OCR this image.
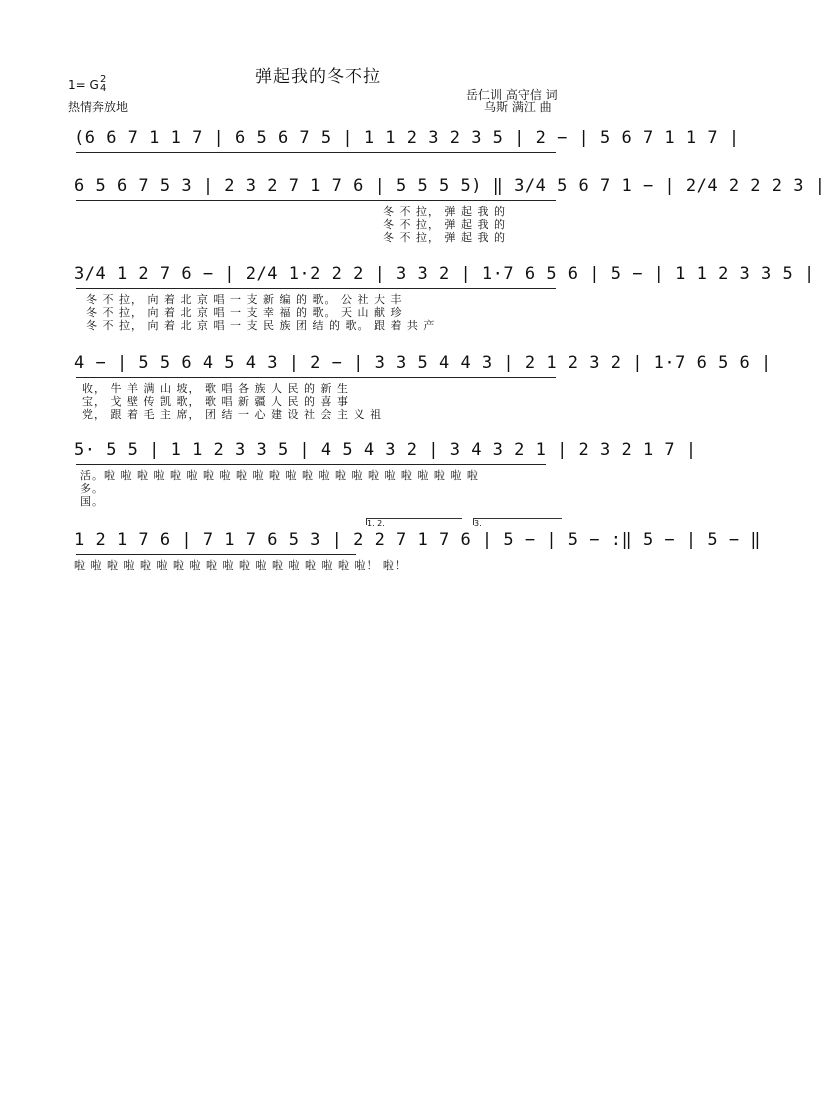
弹起我的冬不拉
1= G 2
4
热情奔放地
岳仁训 高守信 词
乌斯 满江 曲
(6 6 7 1 1 7 | 6 5 6 7 5 | 1 1 2 3 2 3 5 | 2 − | 5 6 7 1 1 7 |
6 5 6 7 5 3 | 2 3 2 7 1 7 6 | 5 5 5 5) ‖ 3/4 5 6 7 1 − | 2/4 2 2 2 3 |
冬 不 拉， 弹 起 我 的
冬 不 拉， 弹 起 我 的
冬 不 拉， 弹 起 我 的
3/4 1 2 7 6 − | 2/4 1·2 2 2 | 3 3 2 | 1·7 6 5 6 | 5 − | 1 1 2 3 3 5 |
冬 不 拉， 向 着 北 京 唱 一 支 新 编 的 歌。 公 社 大 丰
冬 不 拉， 向 着 北 京 唱 一 支 幸 福 的 歌。 天 山 献 珍
冬 不 拉， 向 着 北 京 唱 一 支 民 族 团 结 的 歌。 跟 着 共 产
4 − | 5 5 6 4 5 4 3 | 2 − | 3 3 5 4 4 3 | 2 1 2 3 2 | 1·7 6 5 6 |
收， 牛 羊 满 山 坡， 歌 唱 各 族 人 民 的 新 生
宝， 戈 壁 传 凯 歌， 歌 唱 新 疆 人 民 的 喜 事
党， 跟 着 毛 主 席， 团 结 一 心 建 设 社 会 主 义 祖
5· 5 5 | 1 1 2 3 3 5 | 4 5 4 3 2 | 3 4 3 2 1 | 2 3 2 1 7 |
活。啦 啦 啦 啦 啦 啦 啦 啦 啦 啦 啦 啦 啦 啦 啦 啦 啦 啦 啦 啦 啦 啦 啦
多。
国。
1. 2.	3.
1 2 1 7 6 | 7 1 7 6 5 3 | 2 2 7 1 7 6 | 5 − | 5 − :‖ 5 − | 5 − ‖
啦 啦 啦 啦 啦 啦 啦 啦 啦 啦 啦 啦 啦 啦 啦 啦 啦 啦！ 啦！
